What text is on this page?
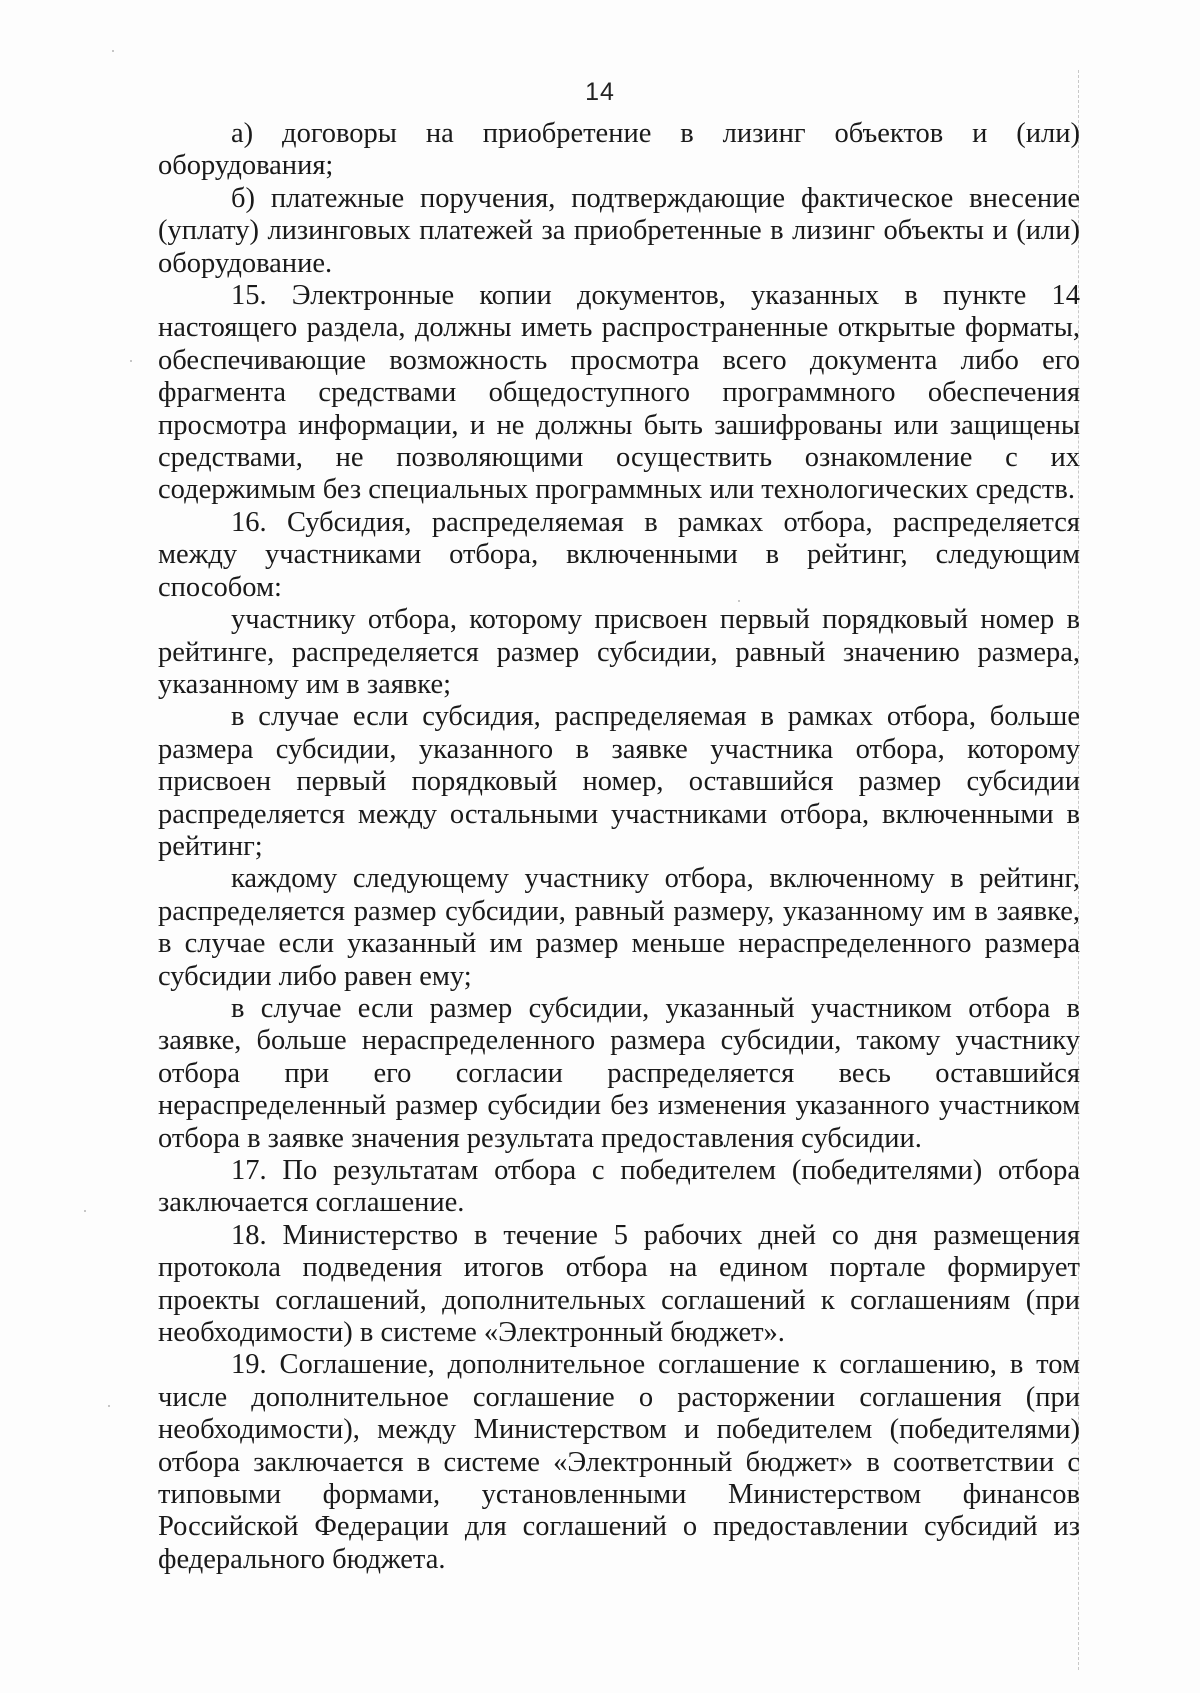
14

а) договоры на приобретение в лизинг объектов и (или) оборудования;

б) платежные поручения, подтверждающие фактическое внесение (уплату) лизинговых платежей за приобретенные в лизинг объекты и (или) оборудование.

15. Электронные копии документов, указанных в пункте 14 настоящего раздела, должны иметь распространенные открытые форматы, обеспечивающие возможность просмотра всего документа либо его фрагмента средствами общедоступного программного обеспечения просмотра информации, и не должны быть зашифрованы или защищены средствами, не позволяющими осуществить ознакомление с их содержимым без специальных программных или технологических средств.

16. Субсидия, распределяемая в рамках отбора, распределяется между участниками отбора, включенными в рейтинг, следующим способом:

участнику отбора, которому присвоен первый порядковый номер в рейтинге, распределяется размер субсидии, равный значению размера, указанному им в заявке;

в случае если субсидия, распределяемая в рамках отбора, больше размера субсидии, указанного в заявке участника отбора, которому присвоен первый порядковый номер, оставшийся размер субсидии распределяется между остальными участниками отбора, включенными в рейтинг;

каждому следующему участнику отбора, включенному в рейтинг, распределяется размер субсидии, равный размеру, указанному им в заявке, в случае если указанный им размер меньше нераспределенного размера субсидии либо равен ему;

в случае если размер субсидии, указанный участником отбора в заявке, больше нераспределенного размера субсидии, такому участнику отбора при его согласии распределяется весь оставшийся нераспределенный размер субсидии без изменения указанного участником отбора в заявке значения результата предоставления субсидии.

17. По результатам отбора с победителем (победителями) отбора заключается соглашение.

18. Министерство в течение 5 рабочих дней со дня размещения протокола подведения итогов отбора на едином портале формирует проекты соглашений, дополнительных соглашений к соглашениям (при необходимости) в системе «Электронный бюджет».

19. Соглашение, дополнительное соглашение к соглашению, в том числе дополнительное соглашение о расторжении соглашения (при необходимости), между Министерством и победителем (победителями) отбора заключается в системе «Электронный бюджет» в соответствии с типовыми формами, установленными Министерством финансов Российской Федерации для соглашений о предоставлении субсидий из федерального бюджета.
